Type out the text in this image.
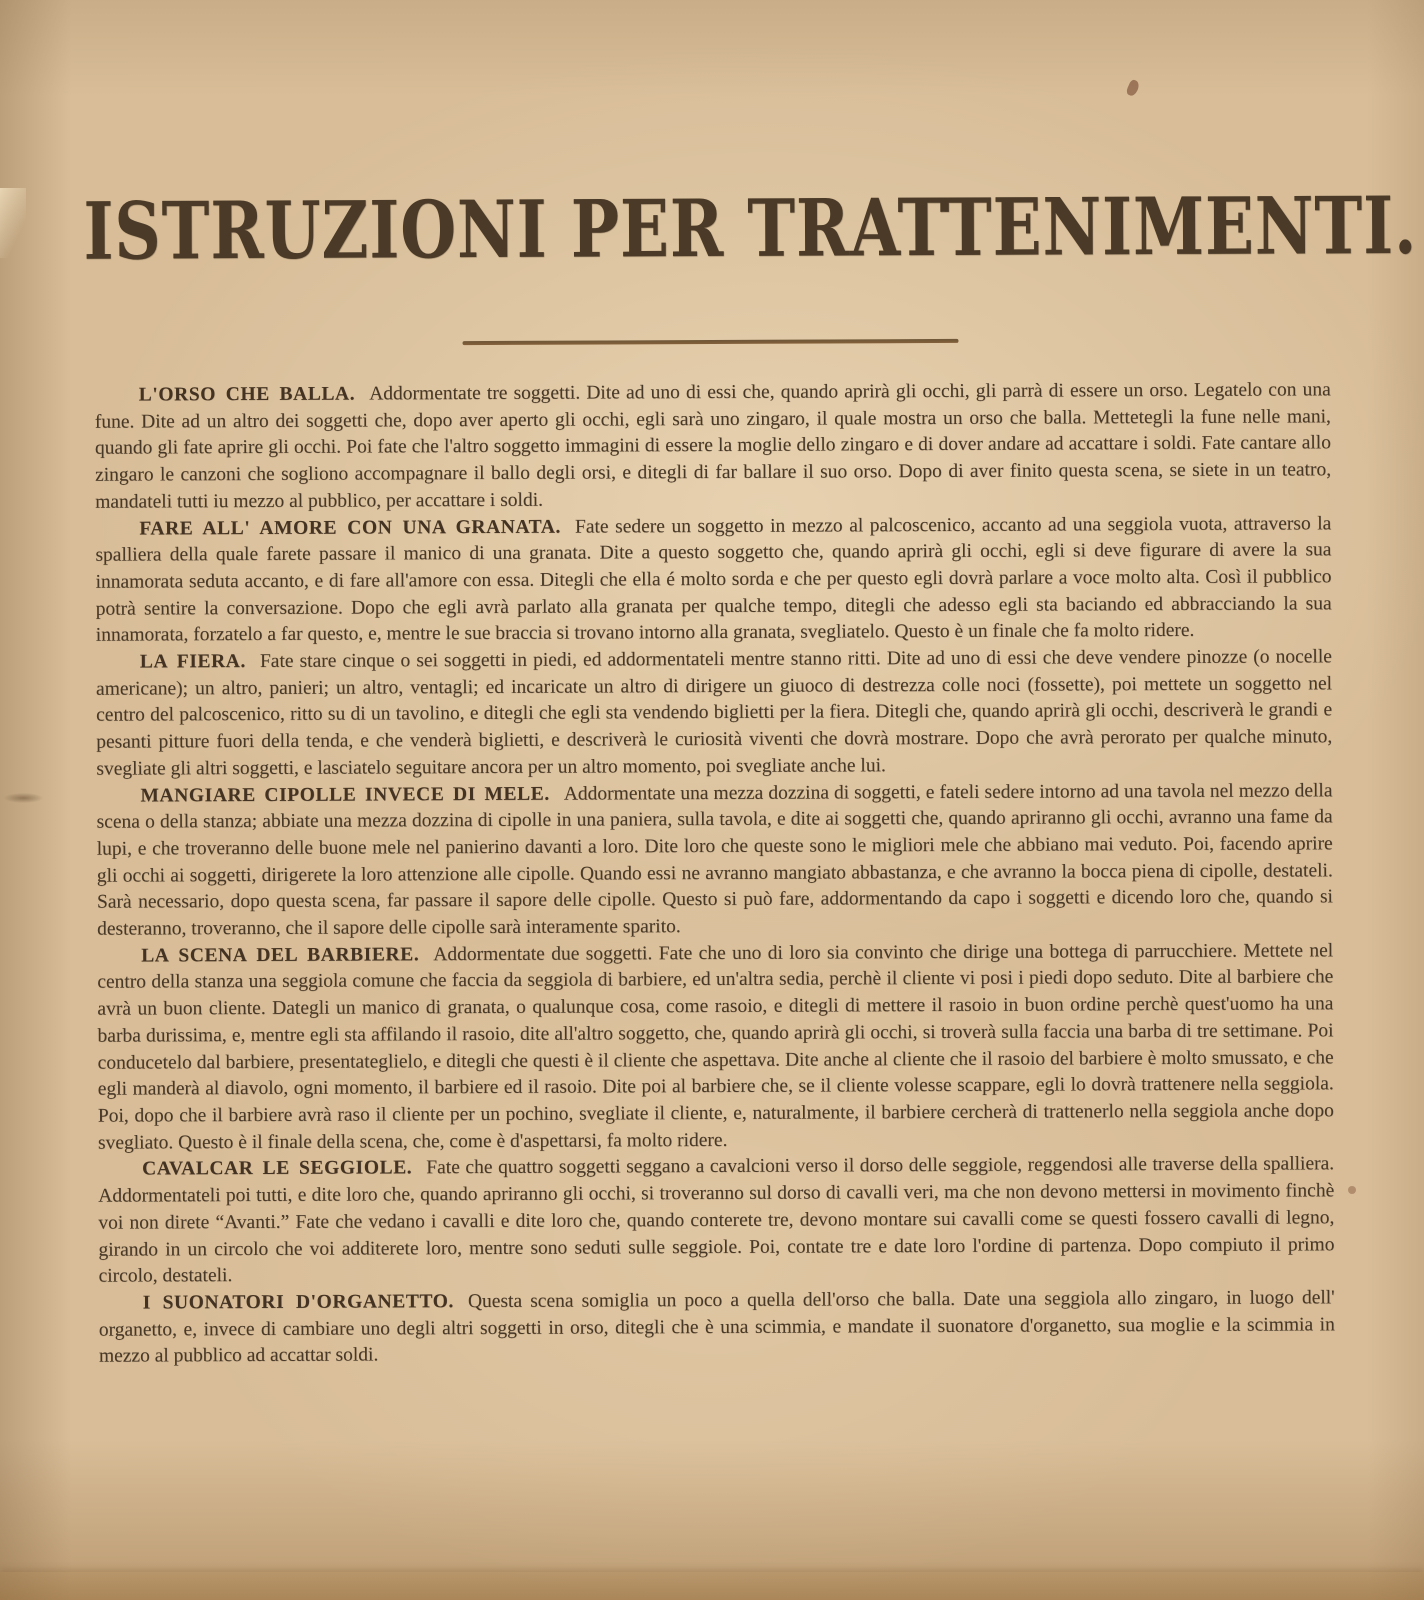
ISTRUZIONI PER TRATTENIMENTI.

L'ORSO CHE BALLA. Addormentate tre soggetti. Dite ad uno di essi che, quando aprirà gli occhi, gli parrà di essere un orso. Legatelo con una fune. Dite ad un altro dei soggetti che, dopo aver aperto gli occhi, egli sarà uno zingaro, il quale mostra un orso che balla. Mettetegli la fune nelle mani, quando gli fate aprire gli occhi. Poi fate che l'altro soggetto immagini di essere la moglie dello zingaro e di dover andare ad accattare i soldi. Fate cantare allo zingaro le canzoni che sogliono accompagnare il ballo degli orsi, e ditegli di far ballare il suo orso. Dopo di aver finito questa scena, se siete in un teatro, mandateli tutti iu mezzo al pubblico, per accattare i soldi.

FARE ALL' AMORE CON UNA GRANATA. Fate sedere un soggetto in mezzo al palcoscenico, accanto ad una seggiola vuota, attraverso la spalliera della quale farete passare il manico di una granata. Dite a questo soggetto che, quando aprirà gli occhi, egli si deve figurare di avere la sua innamorata seduta accanto, e di fare all'amore con essa. Ditegli che ella é molto sorda e che per questo egli dovrà parlare a voce molto alta. Così il pubblico potrà sentire la conversazione. Dopo che egli avrà parlato alla granata per qualche tempo, ditegli che adesso egli sta baciando ed abbracciando la sua innamorata, forzatelo a far questo, e, mentre le sue braccia si trovano intorno alla granata, svegliatelo. Questo è un finale che fa molto ridere.

LA FIERA. Fate stare cinque o sei soggetti in piedi, ed addormentateli mentre stanno ritti. Dite ad uno di essi che deve vendere pinozze (o nocelle americane); un altro, panieri; un altro, ventagli; ed incaricate un altro di dirigere un giuoco di destrezza colle noci (fossette), poi mettete un soggetto nel centro del palcoscenico, ritto su di un tavolino, e ditegli che egli sta vendendo biglietti per la fiera. Ditegli che, quando aprirà gli occhi, descriverà le grandi e pesanti pitture fuori della tenda, e che venderà biglietti, e descriverà le curiosità viventi che dovrà mostrare. Dopo che avrà perorato per qualche minuto, svegliate gli altri soggetti, e lasciatelo seguitare ancora per un altro momento, poi svegliate anche lui.

MANGIARE CIPOLLE INVECE DI MELE. Addormentate una mezza dozzina di soggetti, e fateli sedere intorno ad una tavola nel mezzo della scena o della stanza; abbiate una mezza dozzina di cipolle in una paniera, sulla tavola, e dite ai soggetti che, quando apriranno gli occhi, avranno una fame da lupi, e che troveranno delle buone mele nel panierino davanti a loro. Dite loro che queste sono le migliori mele che abbiano mai veduto. Poi, facendo aprire gli occhi ai soggetti, dirigerete la loro attenzione alle cipolle. Quando essi ne avranno mangiato abbastanza, e che avranno la bocca piena di cipolle, destateli. Sarà necessario, dopo questa scena, far passare il sapore delle cipolle. Questo si può fare, addormentando da capo i soggetti e dicendo loro che, quando si desteranno, troveranno, che il sapore delle cipolle sarà interamente sparito.

LA SCENA DEL BARBIERE. Addormentate due soggetti. Fate che uno di loro sia convinto che dirige una bottega di parrucchiere. Mettete nel centro della stanza una seggiola comune che faccia da seggiola di barbiere, ed un'altra sedia, perchè il cliente vi posi i piedi dopo seduto. Dite al barbiere che avrà un buon cliente. Dategli un manico di granata, o qualunque cosa, come rasoio, e ditegli di mettere il rasoio in buon ordine perchè quest'uomo ha una barba durissima, e, mentre egli sta affilando il rasoio, dite all'altro soggetto, che, quando aprirà gli occhi, si troverà sulla faccia una barba di tre settimane. Poi conducetelo dal barbiere, presentateglielo, e ditegli che questi è il cliente che aspettava. Dite anche al cliente che il rasoio del barbiere è molto smussato, e che egli manderà al diavolo, ogni momento, il barbiere ed il rasoio. Dite poi al barbiere che, se il cliente volesse scappare, egli lo dovrà trattenere nella seggiola. Poi, dopo che il barbiere avrà raso il cliente per un pochino, svegliate il cliente, e, naturalmente, il barbiere cercherà di trattenerlo nella seggiola anche dopo svegliato. Questo è il finale della scena, che, come è d'aspettarsi, fa molto ridere.

CAVALCAR LE SEGGIOLE. Fate che quattro soggetti seggano a cavalcioni verso il dorso delle seggiole, reggendosi alle traverse della spalliera. Addormentateli poi tutti, e dite loro che, quando apriranno gli occhi, si troveranno sul dorso di cavalli veri, ma che non devono mettersi in movimento finchè voi non direte “Avanti.” Fate che vedano i cavalli e dite loro che, quando conterete tre, devono montare sui cavalli come se questi fossero cavalli di legno, girando in un circolo che voi additerete loro, mentre sono seduti sulle seggiole. Poi, contate tre e date loro l'ordine di partenza. Dopo compiuto il primo circolo, destateli.

I SUONATORI D'ORGANETTO. Questa scena somiglia un poco a quella dell'orso che balla. Date una seggiola allo zingaro, in luogo dell' organetto, e, invece di cambiare uno degli altri soggetti in orso, ditegli che è una scimmia, e mandate il suonatore d'organetto, sua moglie e la scimmia in mezzo al pubblico ad accattar soldi.
